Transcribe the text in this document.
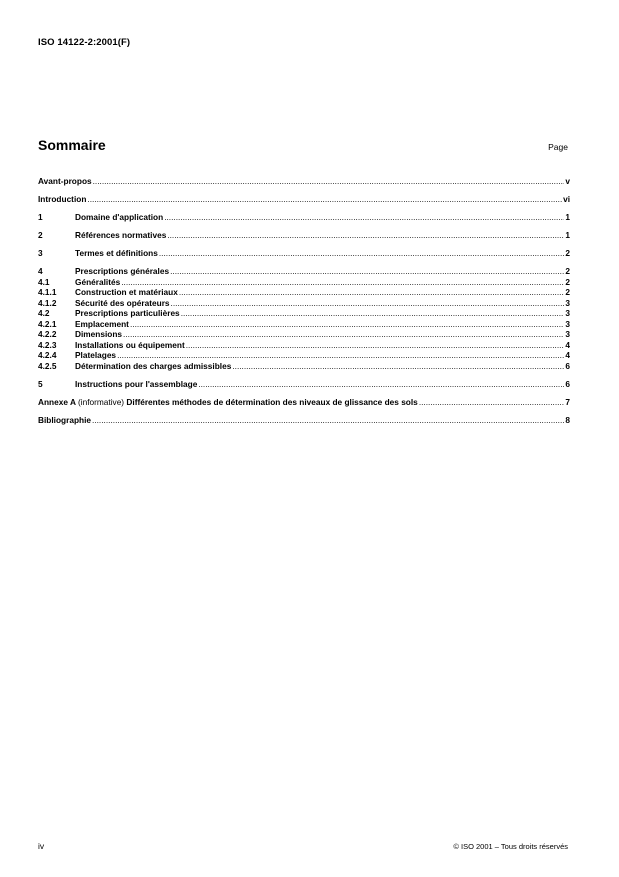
ISO 14122-2:2001(F)
Sommaire	Page
Avant-propos .....	v
Introduction .....	vi
1	Domaine d'application .....	1
2	Références normatives .....	1
3	Termes et définitions .....	2
4	Prescriptions générales .....	2
4.1	Généralités .....	2
4.1.1	Construction et matériaux .....	2
4.1.2	Sécurité des opérateurs .....	3
4.2	Prescriptions particulières .....	3
4.2.1	Emplacement .....	3
4.2.2	Dimensions .....	3
4.2.3	Installations ou équipement .....	4
4.2.4	Platelages .....	4
4.2.5	Détermination des charges admissibles .....	6
5	Instructions pour l'assemblage .....	6
Annexe A (informative) Différentes méthodes de détermination des niveaux de glissance des sols .....	7
Bibliographie .....	8
iv	© ISO 2001 – Tous droits réservés
